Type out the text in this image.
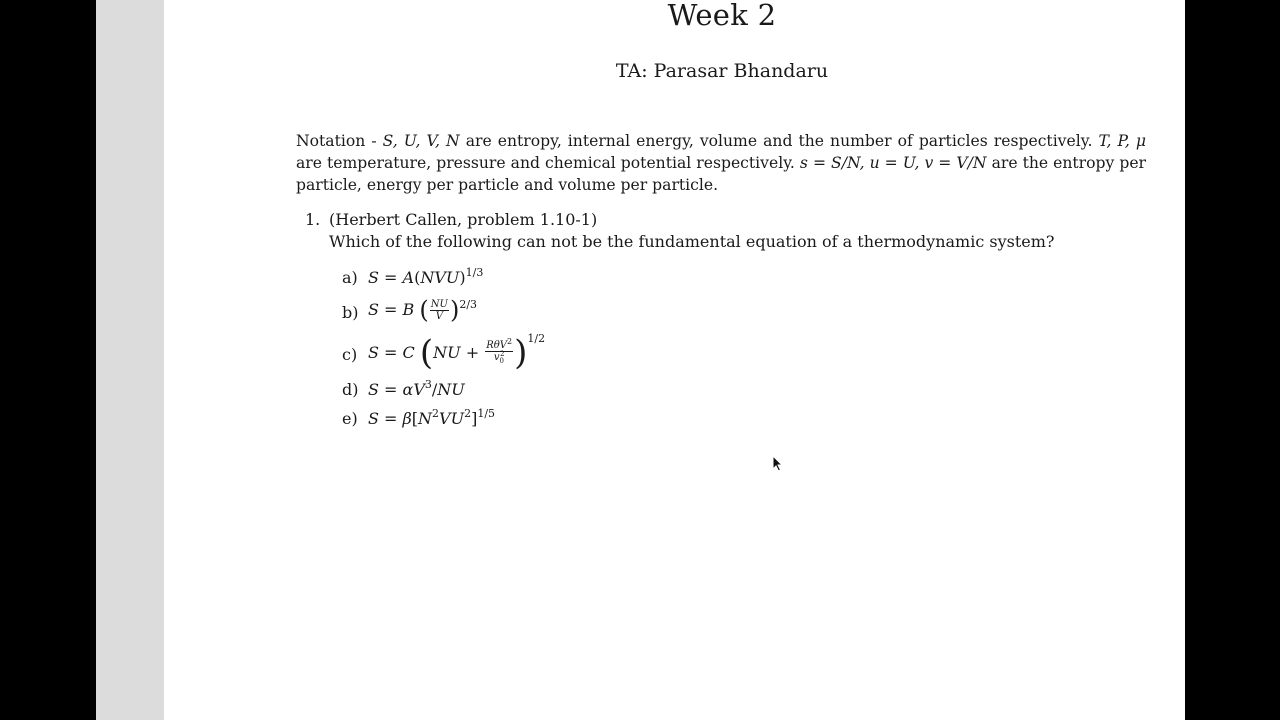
Week 2
TA: Parasar Bhandaru
Notation - S, U, V, N are entropy, internal energy, volume and the number of particles respectively. T, P, μ are temperature, pressure and chemical potential respectively. s = S/N, u = U, v = V/N are the entropy per particle, energy per particle and volume per particle.
1. (Herbert Callen, problem 1.10-1)
Which of the following can not be the fundamental equation of a thermodynamic system?
a) S = A(NVU)$^{1/3}$
b) S = B ( $\frac{NU}{V} )^{2/3}$
c) S = C $(NU + \frac{R\theta V^2}{v_0^2} )^{1/2}$
d) $S = \alpha V^3/NU$
e) $S = \beta[N^2VU^2]^{1/5}$
